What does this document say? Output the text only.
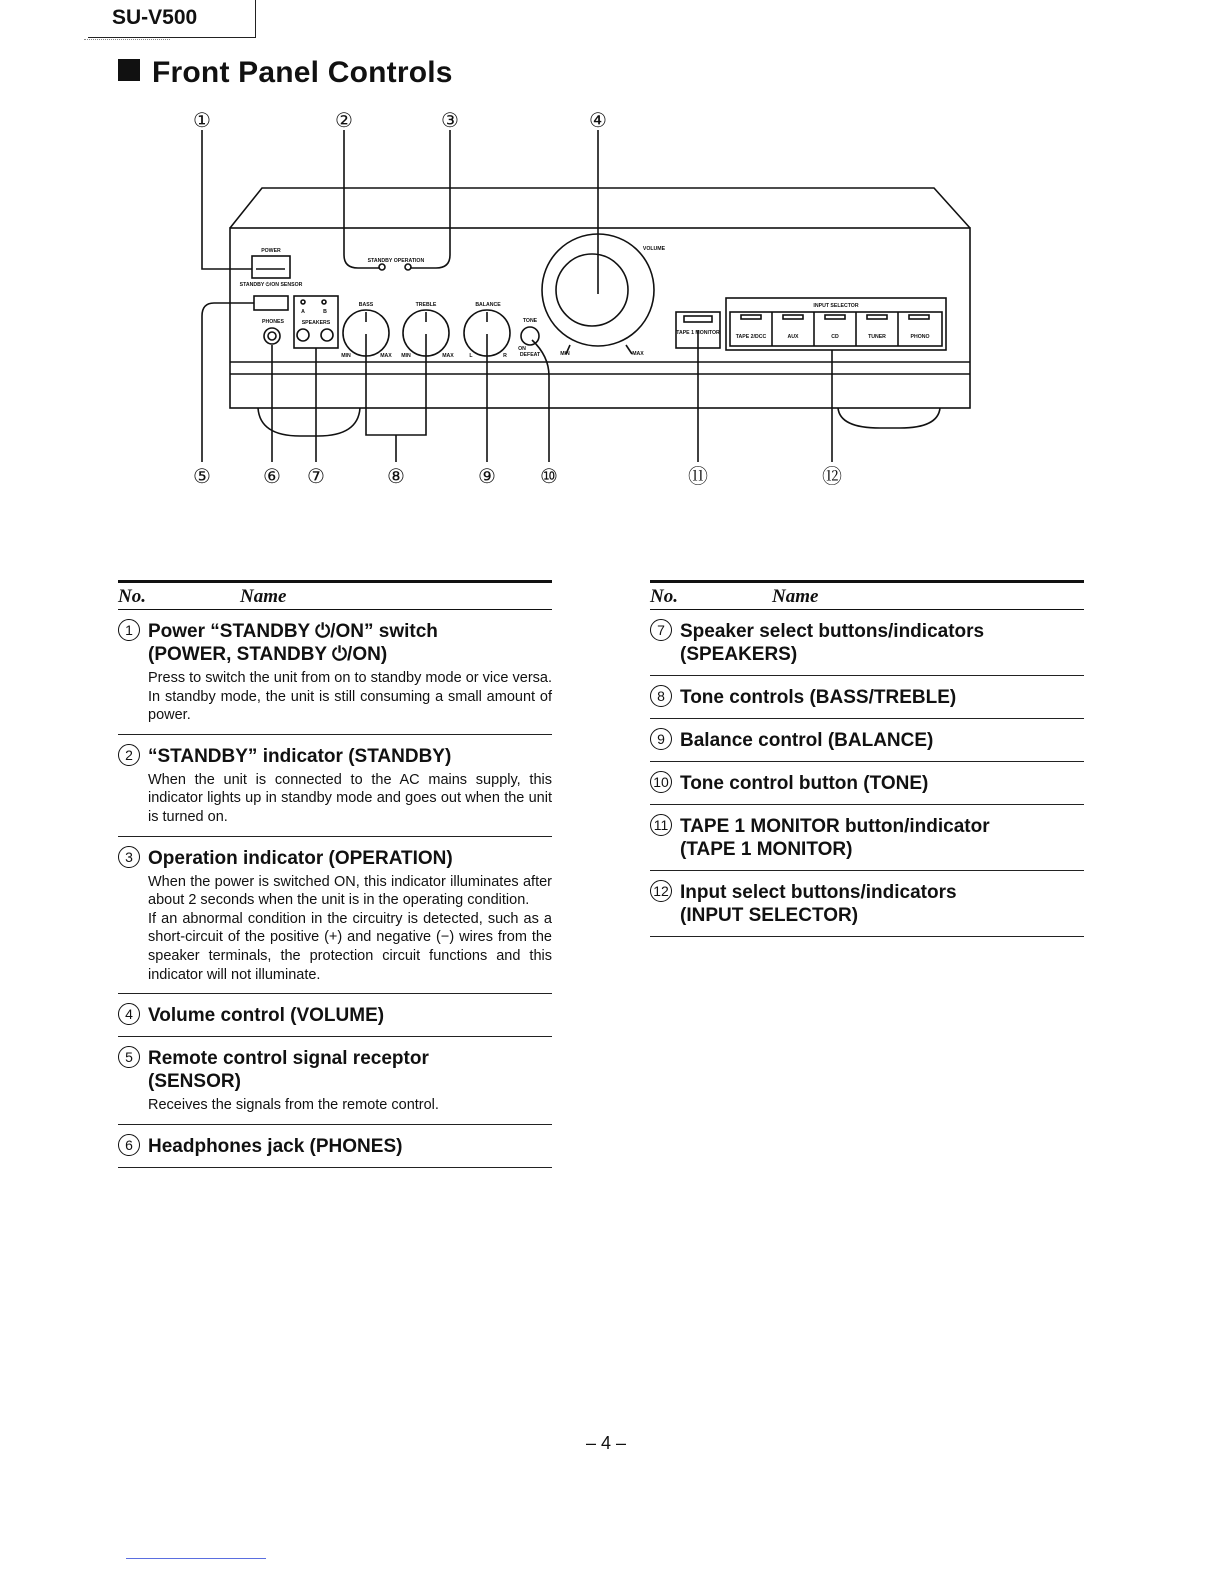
SU-V500
Front Panel Controls
①	②	③	④
⑤	⑥ ⑦	⑧	⑨ ⑩	⑪	⑫
POWER
STANDBY ⏻/ON SENSOR
STANDBY OPERATION
PHONES	SPEAKERS
A	B
BASS	TREBLE	BALANCE
TONE
ON
DEFEAT
VOLUME
MIN	MAX MIN	MAX	L	R	MIN	MAX
TAPE 1 MONITOR
INPUT SELECTOR
TAPE 2/DCC	AUX	CD	TUNER	PHONO
No.	Name
1 Power “STANDBY ⏻/ON” switch
(POWER, STANDBY ⏻/ON)

Press to switch the unit from on to standby mode or vice versa. In standby mode, the unit is still consuming a small amount of power.

2 “STANDBY” indicator (STANDBY)

When the unit is connected to the AC mains supply, this indicator lights up in standby mode and goes out when the unit is turned on.

3 Operation indicator (OPERATION)

When the power is switched ON, this indicator illuminates after about 2 seconds when the unit is in the operating condition.

If an abnormal condition in the circuitry is detected, such as a short-circuit of the positive (+) and negative (−) wires from the speaker terminals, the protection circuit functions and this indicator will not illuminate.

4 Volume control (VOLUME)
5 Remote control signal receptor
(SENSOR)

Receives the signals from the remote control.

6 Headphones jack (PHONES)
No.	Name
7 Speaker select buttons/indicators
(SPEAKERS)
8 Tone controls (BASS/TREBLE)
9 Balance control (BALANCE)
10 Tone control button (TONE)
11 TAPE 1 MONITOR button/indicator
(TAPE 1 MONITOR)
12 Input select buttons/indicators
(INPUT SELECTOR)
– 4 –
